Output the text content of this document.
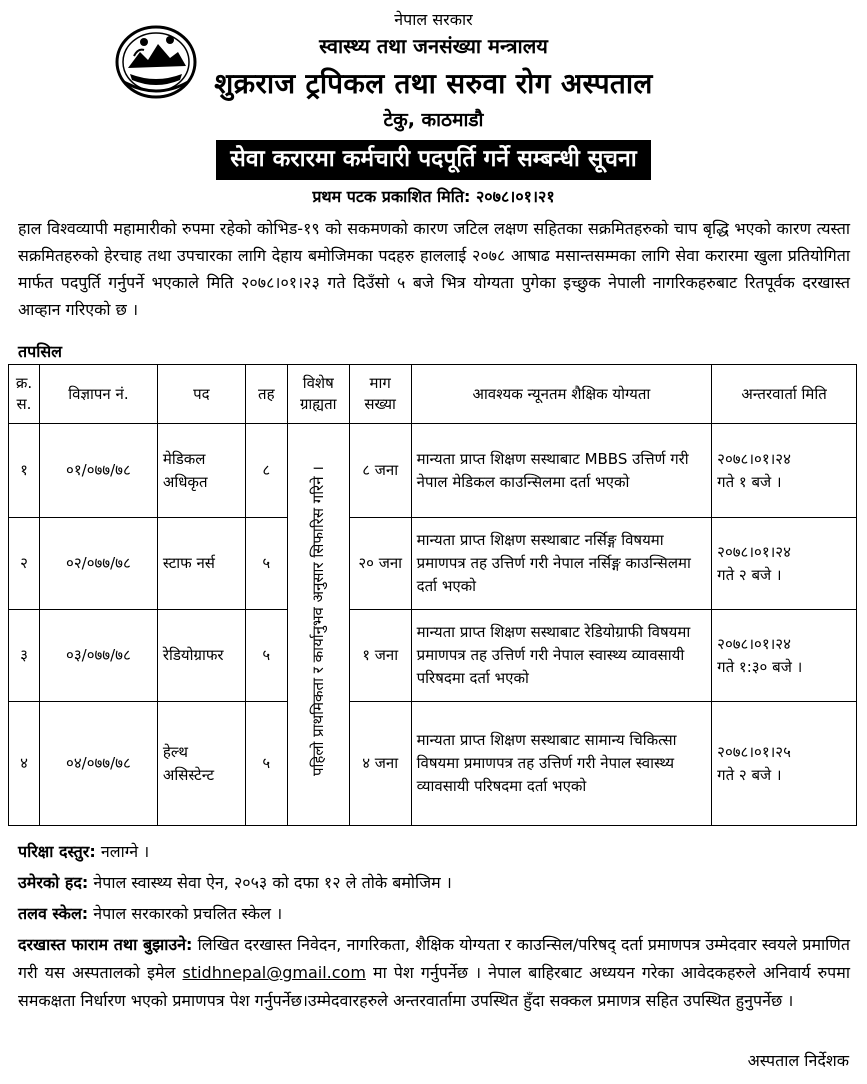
नेपाल सरकार
स्वास्थ्य तथा जनसंख्या मन्त्रालय
शुक्रराज ट्रपिकल तथा सरुवा रोग अस्पताल
टेकु, काठमाडौ
सेवा करारमा कर्मचारी पदपूर्ति गर्ने सम्बन्धी सूचना
प्रथम पटक प्रकाशित मिति: २०७८।०१।२१
हाल विश्वव्यापी महामारीको रुपमा रहेको कोभिड-१९ को सकमणको कारण जटिल लक्षण सहितका सक्रमितहरुको चाप बृद्धि भएको कारण त्यस्ता सक्रमितहरुको हेरचाह तथा उपचारका लागि देहाय बमोजिमका पदहरु हाललाई २०७८ आषाढ मसान्तसम्मका लागि सेवा करारमा खुला प्रतियोगिता मार्फत पदपुर्ति गर्नुपर्ने भएकाले मिति २०७८।०१।२३ गते दिउँसो ५ बजे भित्र योग्यता पुगेका इच्छुक नेपाली नागरिकहरुबाट रितपूर्वक दरखास्त आव्हान गरिएको छ ।
तपसिल
क्र. स.	विज्ञापन नं.	पद	तह	विशेष ग्राह्यता	माग सख्या	आवश्यक न्यूनतम शैक्षिक योग्यता	अन्तरवार्ता मिति
१	०१/०७७/७८	मेडिकल अधिकृत	८	पहिलो प्राथमिकता र कार्यानुभव अनुसार सिफारिस गरिने ।	८ जना	मान्यता प्राप्त शिक्षण सस्थाबाट MBBS उत्तिर्ण गरी नेपाल मेडिकल काउन्सिलमा दर्ता भएको	२०७८।०१।२४
गते १ बजे ।

२	०२/०७७/७८	स्टाफ नर्स	५		२० जना	मान्यता प्राप्त शिक्षण सस्थाबाट नर्सिङ्ग विषयमा प्रमाणपत्र तह उत्तिर्ण गरी नेपाल नर्सिङ्ग काउन्सिलमा दर्ता भएको	२०७८।०१।२४
गते २ बजे ।

३	०३/०७७/७८	रेडियोग्राफर	५		१ जना	मान्यता प्राप्त शिक्षण सस्थाबाट रेडियोग्राफी विषयमा प्रमाणपत्र तह उत्तिर्ण गरी नेपाल स्वास्थ्य व्यावसायी परिषदमा दर्ता भएको	२०७८।०१।२४
गते १:३० बजे ।

४	०४/०७७/७८	हेल्थ असिस्टेन्ट	५		४ जना	मान्यता प्राप्त शिक्षण सस्थाबाट सामान्य चिकित्सा विषयमा प्रमाणपत्र तह उत्तिर्ण गरी नेपाल स्वास्थ्य व्यावसायी परिषदमा दर्ता भएको	२०७८।०१।२५
गते २ बजे ।

परिक्षा दस्तुर: नलाग्ने ।

उमेरको हद: नेपाल स्वास्थ्य सेवा ऐन, २०५३ को दफा १२ ले तोके बमोजिम ।

तलव स्केल: नेपाल सरकारको प्रचलित स्केल ।

दरखास्त फाराम तथा बुझाउने: लिखित दरखास्त निवेदन, नागरिकता, शैक्षिक योग्यता र काउन्सिल/परिषद् दर्ता प्रमाणपत्र उम्मेदवार स्वयले प्रमाणित गरी यस अस्पतालको इमेल stidhnepal@gmail.com मा पेश गर्नुपर्नेछ । नेपाल बाहिरबाट अध्ययन गरेका आवेदकहरुले अनिवार्य रुपमा समकक्षता निर्धारण भएको प्रमाणपत्र पेश गर्नुपर्नेछ।उम्मेदवारहरुले अन्तरवार्तामा उपस्थित हुँदा सक्कल प्रमाणत्र सहित उपस्थित हुनुपर्नेछ ।

अस्पताल निर्देशक
